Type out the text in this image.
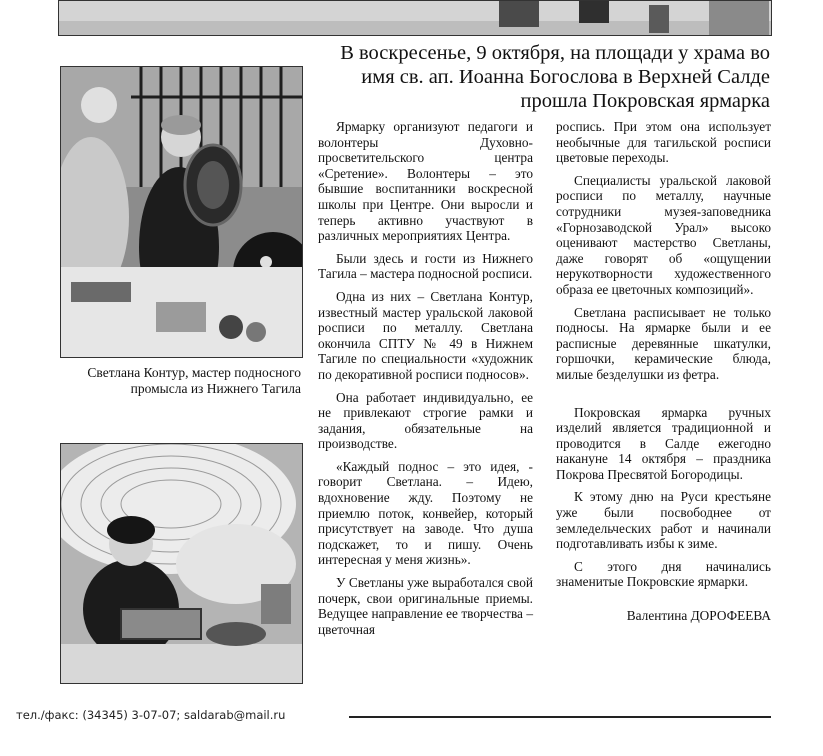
В воскресенье, 9 октября, на площади у храма во имя св. ап. Иоанна Богослова в Верхней Салде прошла Покровская ярмарка
Светлана Контур, мастер подносного промысла из Нижнего Тагила

Ярмарку организуют педагоги и волонтеры Духовно-просветительского центра «Сретение». Волонтеры – это бывшие воспитанники воскресной школы при Центре. Они выросли и теперь активно участвуют в различных мероприятиях Центра.

Были здесь и гости из Нижнего Тагила – мастера подносной росписи.

Одна из них – Светлана Контур, известный мастер уральской лаковой росписи по металлу. Светлана окончила СПТУ № 49 в Нижнем Тагиле по специальности «художник по декоративной росписи подносов».

Она работает индивидуально, ее не привлекают строгие рамки и задания, обязательные на производстве.

«Каждый поднос – это идея, - говорит Светлана. – Идею, вдохновение жду. Поэтому не приемлю поток, конвейер, который присутствует на заводе. Что душа подскажет, то и пишу. Очень интересная у меня жизнь».

У Светланы уже выработался свой почерк, свои оригинальные приемы. Ведущее направление ее творчества – цветочная

роспись. При этом она использует необычные для тагильской росписи цветовые переходы.

Специалисты уральской лаковой росписи по металлу, научные сотрудники музея-заповедника «Горнозаводской Урал» высоко оценивают мастерство Светланы, даже говорят об «ощущении нерукотворности художественного образа ее цветочных композиций».

Светлана расписывает не только подносы. На ярмарке были и ее расписные деревянные шкатулки, горшочки, керамические блюда, милые безделушки из фетра.

Покровская ярмарка ручных изделий является традиционной и проводится в Салде ежегодно накануне 14 октября – праздника Покрова Пресвятой Богородицы.

К этому дню на Руси крестьяне уже были посвободнее от земледельческих работ и начинали подготавливать избы к зиме.

С этого дня начинались знаменитые Покровские ярмарки.

Валентина ДОРОФЕЕВА

тел./факс: (34345) 3-07-07; saldarab@mail.ru
